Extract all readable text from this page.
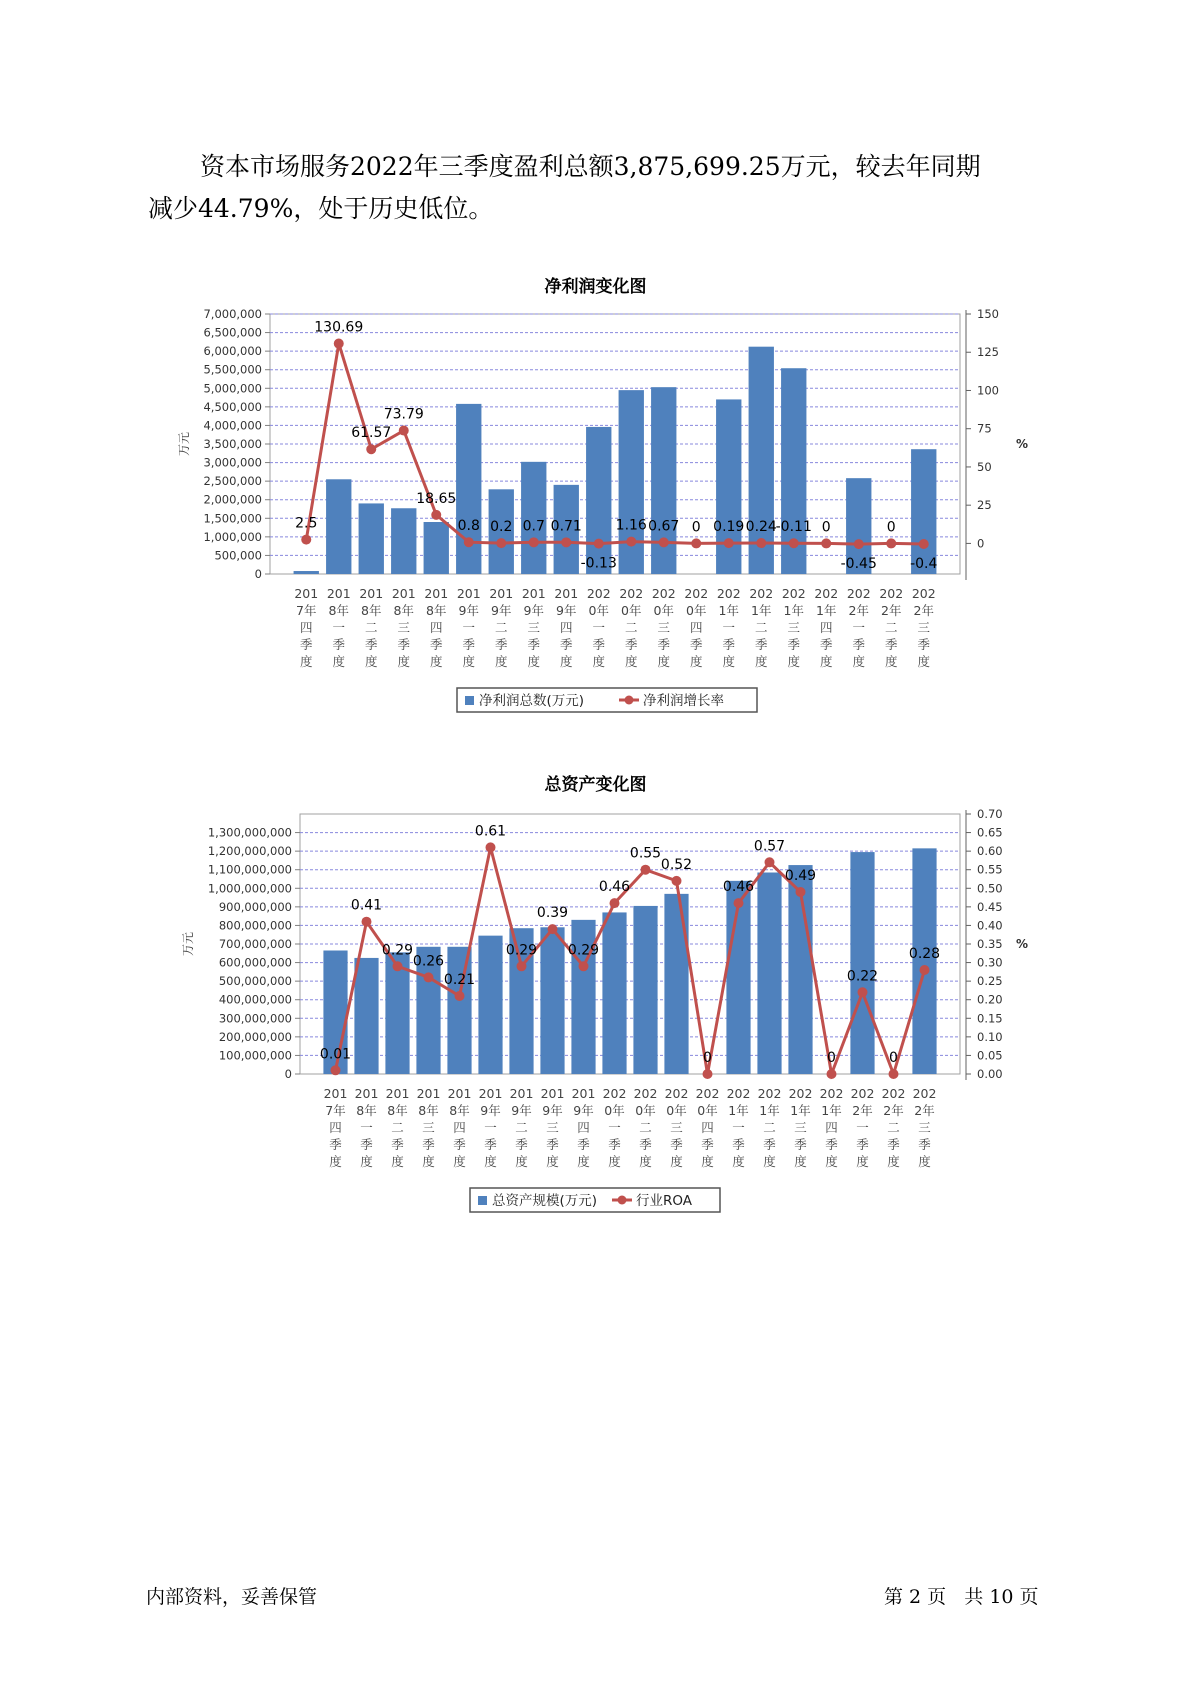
资本市场服务2022年三季度盈利总额3,875,699.25万元，较去年同期
减少44.79%，处于历史低位。

净利润变化图
7,000,000
6,500,000
6,000,000
5,500,000
5,000,000
4,500,000
4,000,000
3,500,000
3,000,000
2,500,000
2,000,000
1,500,000
1,000,000
500,000
0
万元
150
125
100
75
50
25
0
%
201 7年四季度
201 8年一季度
201 8年二季度
201 8年三季度
201 8年四季度
201 9年一季度
201 9年二季度
201 9年三季度
201 9年四季度
202 0年一季度
202 0年二季度
202 0年三季度
202 0年四季度
202 1年一季度
202 1年二季度
202 1年三季度
202 1年四季度
202 2年一季度
202 2年二季度
202 2年三季度
2.5
130.69
61.57
73.79
18.65
0.8 0.2 0.7 0.71
-0.13
1.16 0.67 0 0.19 0.24
-0.11 0
-0.45
0
-0.4
净利润总数(万元)	净利润增长率
总资产变化图
1,300,000,000
1,200,000,000
1,100,000,000
1,000,000,000
900,000,000
800,000,000
700,000,000
600,000,000
500,000,000
400,000,000
300,000,000
200,000,000
100,000,000
0
万元
0.70
0.65
0.60
0.55
0.50
0.45
0.40
0.35
0.30
0.25
0.20
0.15
0.10
0.05
0.00
%
201 7年四季度
201 8年一季度
201 8年二季度
201 8年三季度
201 8年四季度
201 9年一季度
201 9年二季度
201 9年三季度
201 9年四季度
202 0年一季度
202 0年二季度
202 0年三季度
202 0年四季度
202 1年一季度
202 1年二季度
202 1年三季度
202 1年四季度
202 2年一季度
202 2年二季度
202 2年三季度
0.01
0.41
0.29
0.26
0.21
0.61
0.29
0.39
0.29
0.46
0.55
0.52
0
0.46
0.57
0.49
0
0.22
0
0.28
总资产规模(万元)	行业ROA
内部资料，妥善保管	第 2 页   共 10 页
